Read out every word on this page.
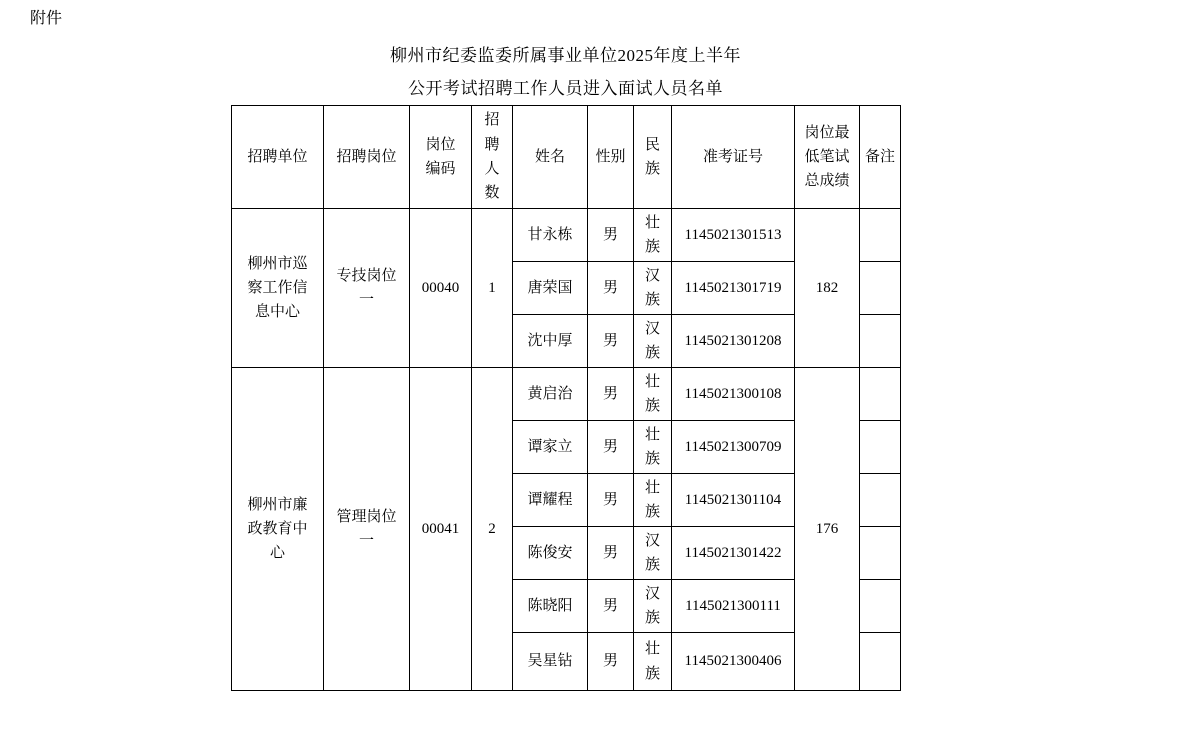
附件
柳州市纪委监委所属事业单位2025年度上半年
公开考试招聘工作人员进入面试人员名单
招聘单位	招聘岗位	岗位编码	招聘人数	姓名	性别	民族	准考证号	岗位最低笔试总成绩	备注
柳州市巡察工作信息中心	专技岗位一	00040	1	甘永栋	男	壮族	1145021301513	182	
				唐荣国	男	汉族	1145021301719		
				沈中厚	男	汉族	1145021301208		
柳州市廉政教育中心	管理岗位一	00041	2	黄启治	男	壮族	1145021300108	176	
				谭家立	男	壮族	1145021300709		
				谭耀程	男	壮族	1145021301104		
				陈俊安	男	汉族	1145021301422		
				陈晓阳	男	汉族	1145021300111		
				吴星钻	男	壮族	1145021300406		
